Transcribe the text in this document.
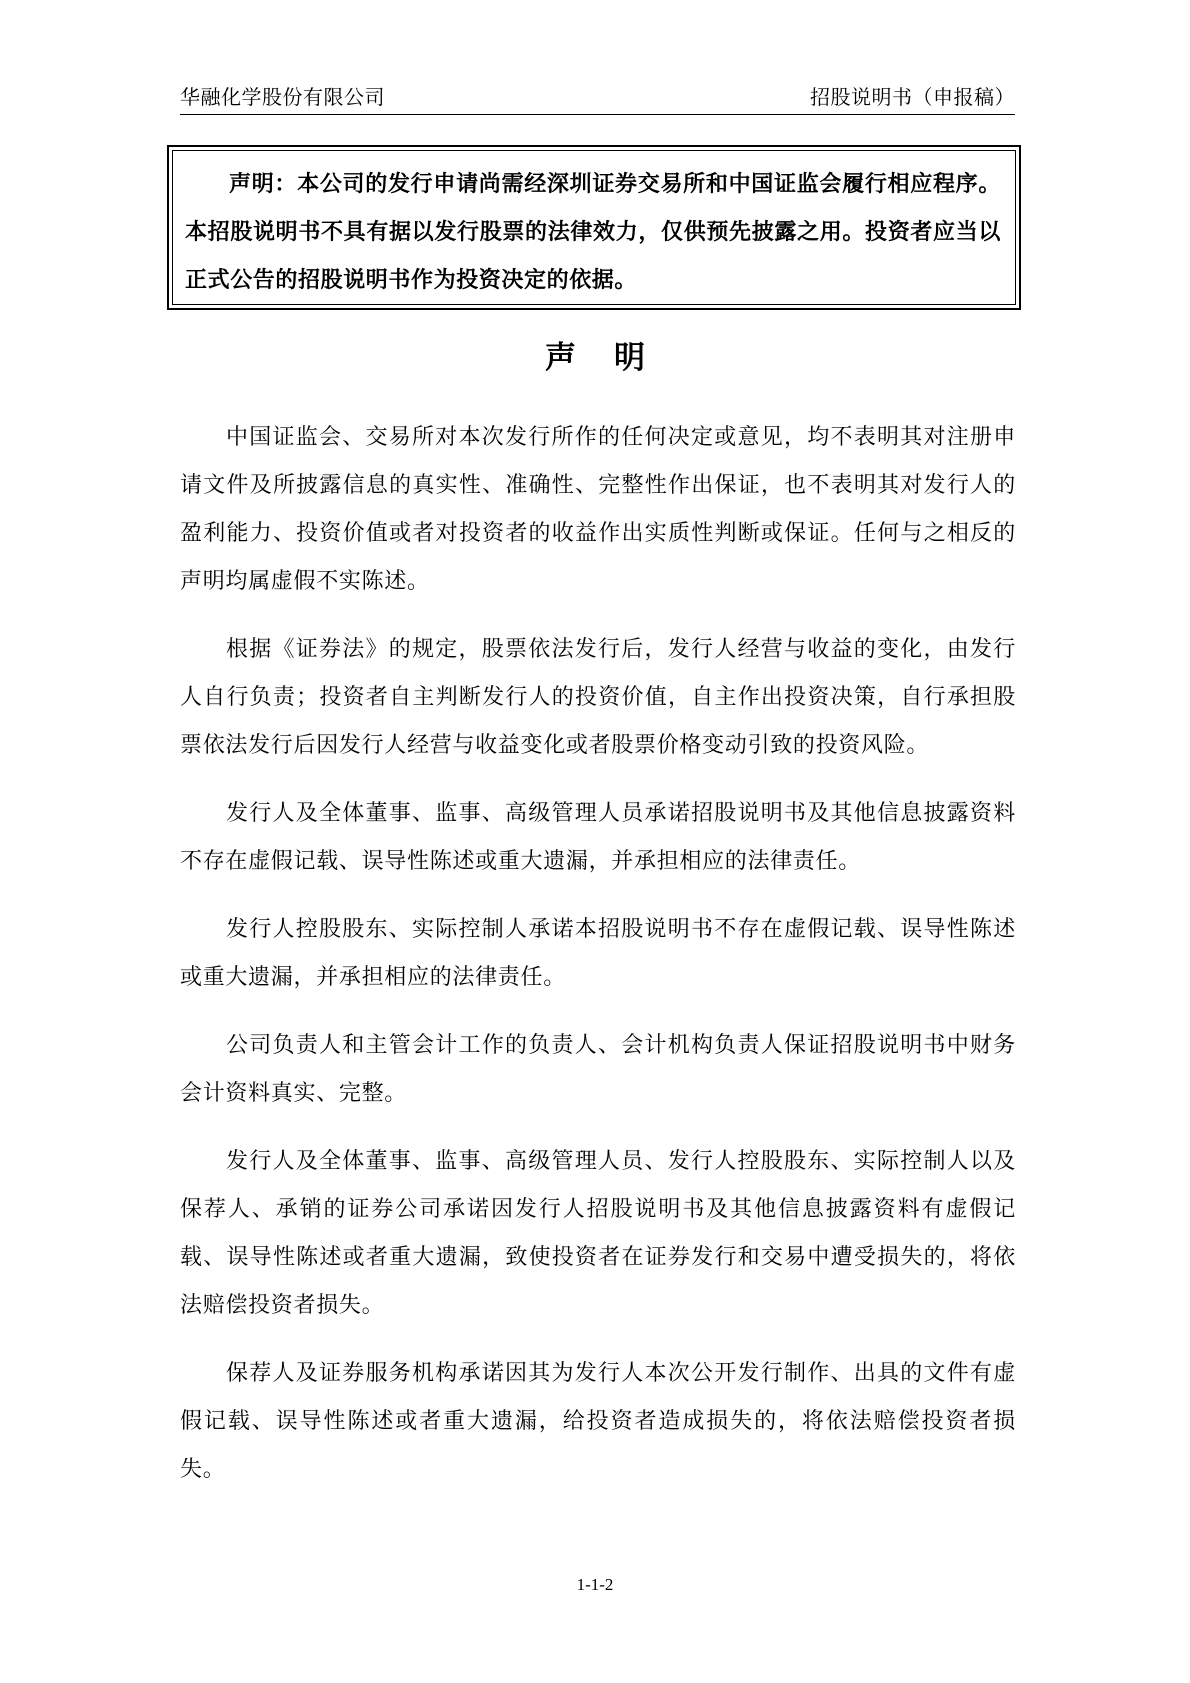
华融化学股份有限公司	招股说明书（申报稿）

声明：本公司的发行申请尚需经深圳证券交易所和中国证监会履行相应程序。本招股说明书不具有据以发行股票的法律效力，仅供预先披露之用。投资者应当以正式公告的招股说明书作为投资决定的依据。

声明

中国证监会、交易所对本次发行所作的任何决定或意见，均不表明其对注册申请文件及所披露信息的真实性、准确性、完整性作出保证，也不表明其对发行人的盈利能力、投资价值或者对投资者的收益作出实质性判断或保证。任何与之相反的声明均属虚假不实陈述。

根据《证券法》的规定，股票依法发行后，发行人经营与收益的变化，由发行人自行负责；投资者自主判断发行人的投资价值，自主作出投资决策，自行承担股票依法发行后因发行人经营与收益变化或者股票价格变动引致的投资风险。

发行人及全体董事、监事、高级管理人员承诺招股说明书及其他信息披露资料不存在虚假记载、误导性陈述或重大遗漏，并承担相应的法律责任。

发行人控股股东、实际控制人承诺本招股说明书不存在虚假记载、误导性陈述或重大遗漏，并承担相应的法律责任。

公司负责人和主管会计工作的负责人、会计机构负责人保证招股说明书中财务会计资料真实、完整。

发行人及全体董事、监事、高级管理人员、发行人控股股东、实际控制人以及保荐人、承销的证券公司承诺因发行人招股说明书及其他信息披露资料有虚假记载、误导性陈述或者重大遗漏，致使投资者在证券发行和交易中遭受损失的，将依法赔偿投资者损失。

保荐人及证券服务机构承诺因其为发行人本次公开发行制作、出具的文件有虚假记载、误导性陈述或者重大遗漏，给投资者造成损失的，将依法赔偿投资者损失。

1-1-2
